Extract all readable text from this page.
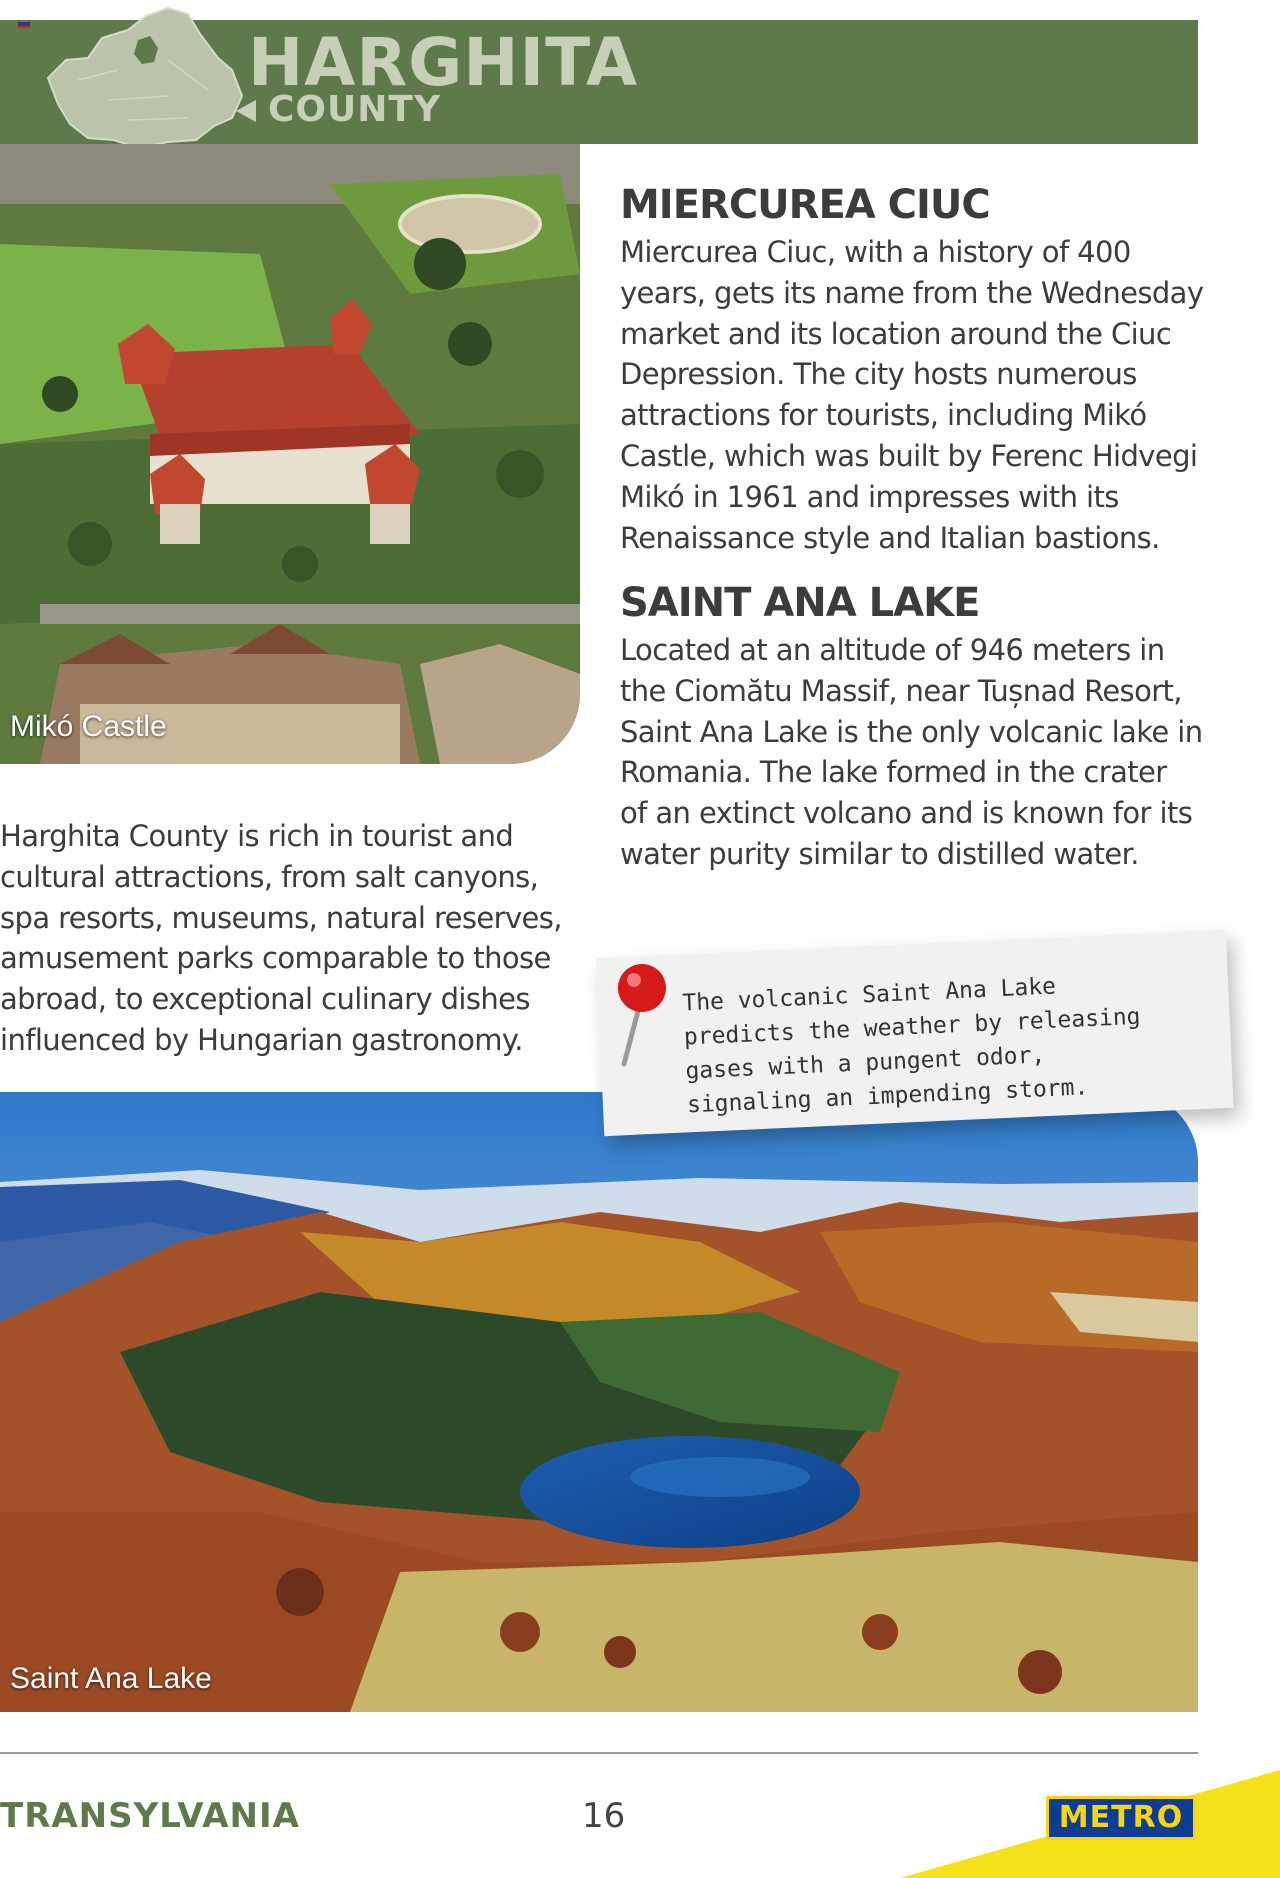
HARGHITA
COUNTY
Mikó Castle
MIERCUREA CIUC
Miercurea Ciuc, with a history of 400
years, gets its name from the Wednesday
market and its location around the Ciuc
Depression. The city hosts numerous
attractions for tourists, including Mikó
Castle, which was built by Ferenc Hidvegi
Mikó in 1961 and impresses with its
Renaissance style and Italian bastions.
SAINT ANA LAKE
Located at an altitude of 946 meters in
the Ciomătu Massif, near Tușnad Resort,
Saint Ana Lake is the only volcanic lake in
Romania. The lake formed in the crater
of an extinct volcano and is known for its
water purity similar to distilled water.
Harghita County is rich in tourist and
cultural attractions, from salt canyons,
spa resorts, museums, natural reserves,
amusement parks comparable to those
abroad, to exceptional culinary dishes
influenced by Hungarian gastronomy.
Saint Ana Lake
The volcanic Saint Ana Lake
predicts the weather by releasing
gases with a pungent odor,
signaling an impending storm.
TRANSYLVANIA	16	METRO
